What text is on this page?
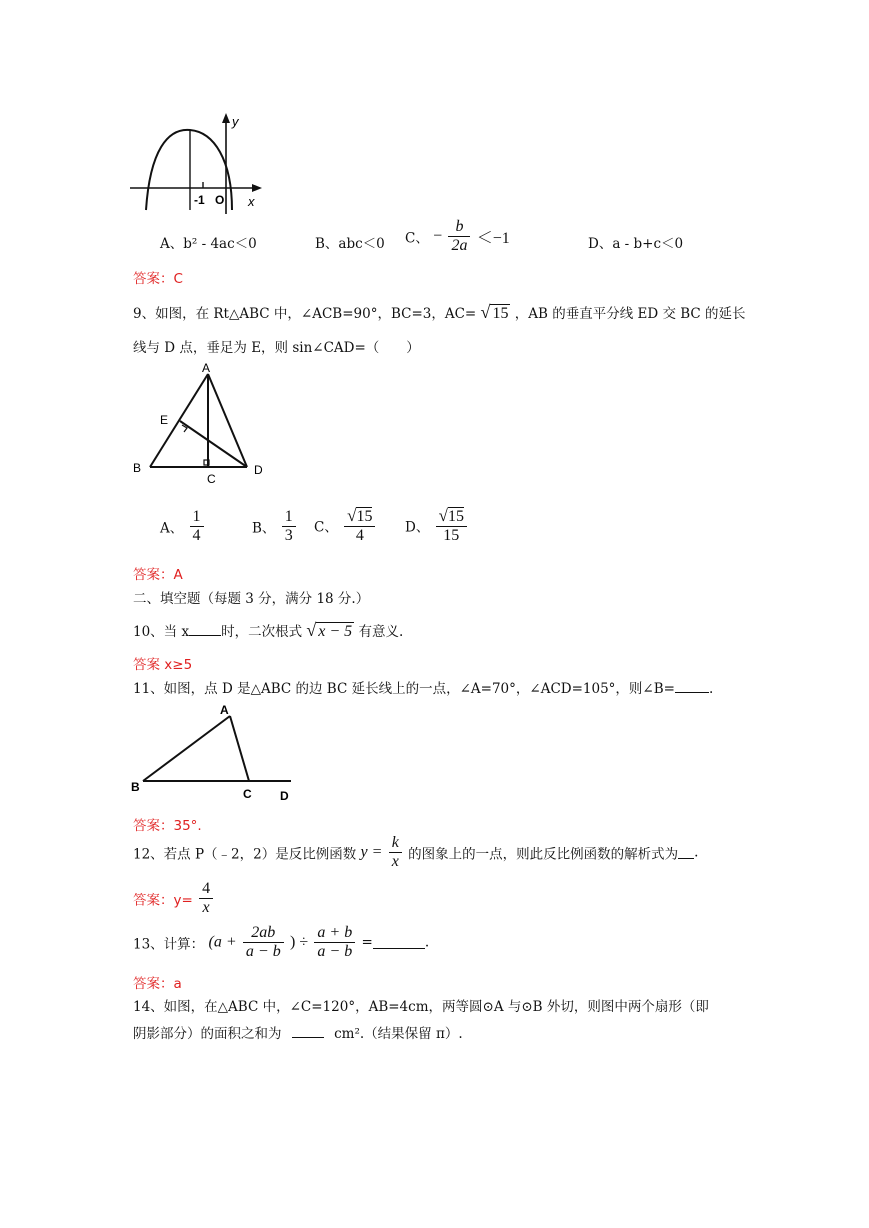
y
x
-1 O
A、b² - 4ac＜0	B、abc＜0 C、 − $\frac{b}{2a} <-1$	D、a - b+c＜0
答案：C
9、如图，在 Rt△ABC 中，∠ACB=90°，BC=3，AC= √ 15 ，AB 的垂直平分线 ED 交 BC 的延长
线与 D 点，垂足为 E，则 sin∠CAD=（　　）
A
E
B
C
D
A、 $\frac{1}{4}$	B、 $\frac{1}{3}$ C、 $\frac{√15}{4}$ D、 $\frac{√15}{15}$
答案：A
二、填空题（每题 3 分，满分 18 分.）
10、当 x 时，二次根式 √ x − 5 有意义.
答案 x≥5
11、如图，点 D 是△ABC 的边 BC 延长线上的一点，∠A=70°，∠ACD=105°，则∠B=	.
A
B	C D
答案：35°.
12、若点 P（﹣2，2）是反比例函数 $y = \frac{k}{x}$ 的图象上的一点，则此反比例函数的解析式为 .
答案：$y= \frac{4}{x}$
13、计算： ($a + \frac{2ab}{a - b}$ ) ÷ $\frac{a + b}{a - b}$ =	.
答案：a
14、如图，在△ABC 中，∠C=120°，AB=4cm，两等圆⊙A 与⊙B 外切，则图中两个扇形（即
阴影部分）的面积之和为	cm².（结果保留 π）.
